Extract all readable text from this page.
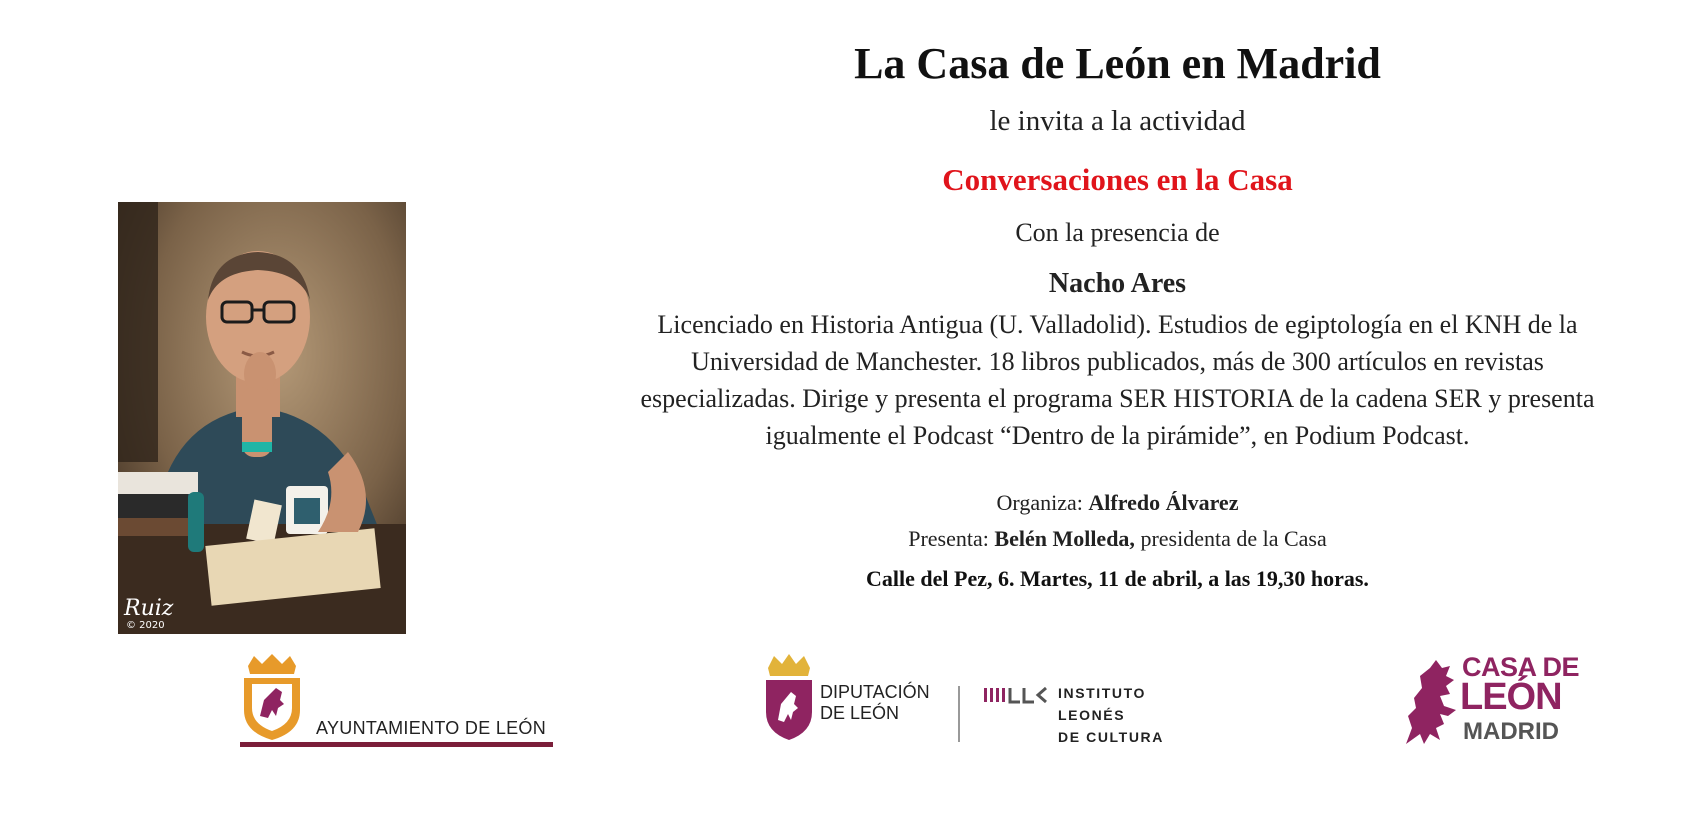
La Casa de León en Madrid
le invita a la actividad
Conversaciones en la Casa
Con la presencia de
Nacho Ares
Licenciado en Historia Antigua (U. Valladolid). Estudios de egiptología en el KNH de la
Universidad de Manchester. 18 libros publicados, más de 300 artículos en revistas
especializadas. Dirige y presenta el programa SER HISTORIA de la cadena SER y presenta
igualmente el Podcast “Dentro de la pirámide”, en Podium Podcast.
Organiza: Alfredo Álvarez
Presenta: Belén Molleda, presidenta de la Casa
Calle del Pez, 6. Martes, 11 de abril, a las 19,30 horas.
Ruiz
© 2020
AYUNTAMIENTO DE LEÓN
DIPUTACIÓN
DE LEÓN
INSTITUTO
LEONÉS
DE CULTURA
CASA DE
LEÓN
MADRID
